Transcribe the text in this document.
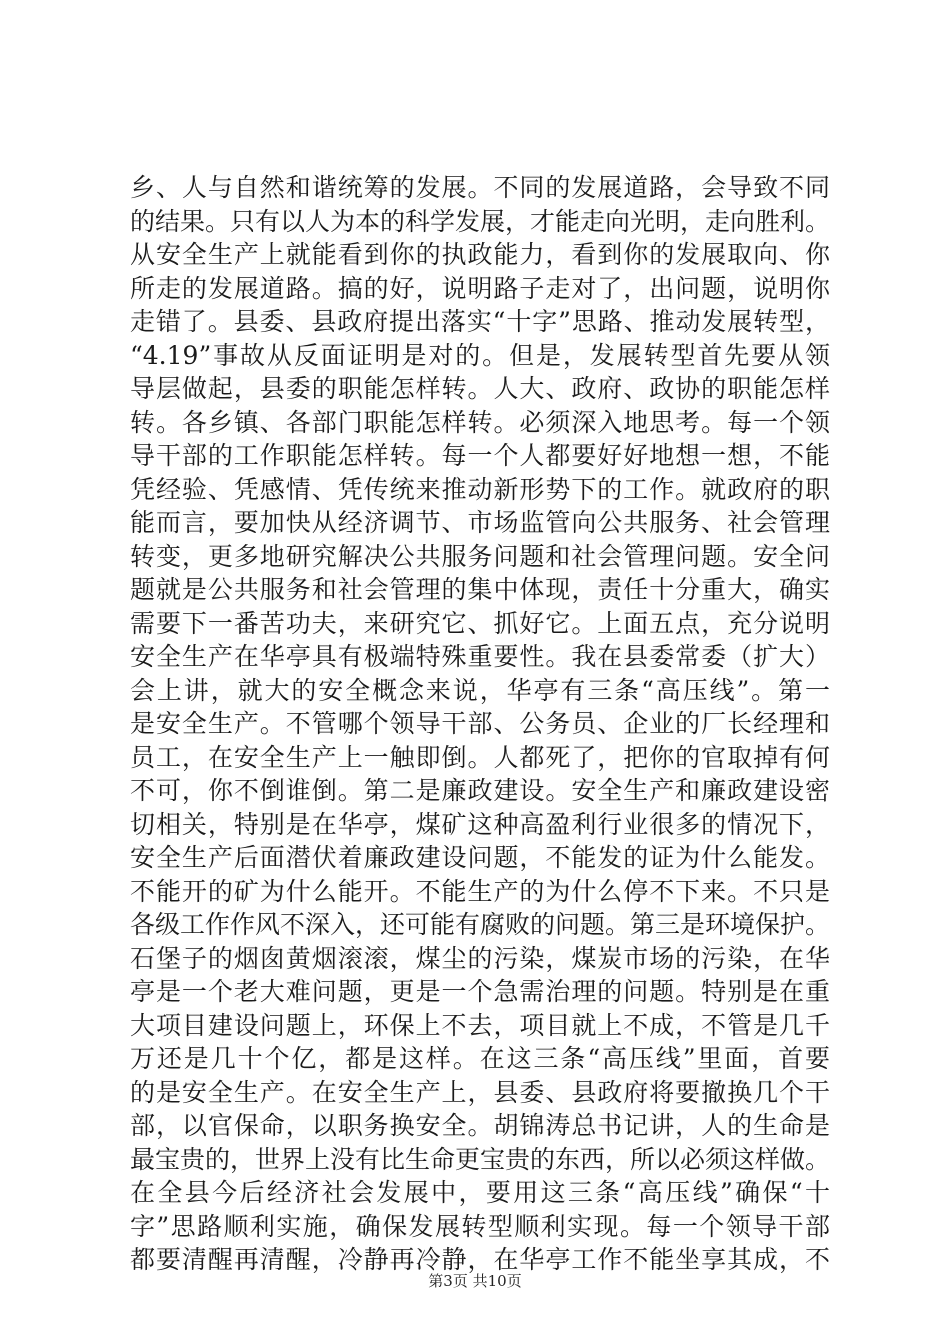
乡、人与自然和谐统筹的发展。不同的发展道路，会导致不同
的结果。只有以人为本的科学发展，才能走向光明，走向胜利。
从安全生产上就能看到你的执政能力，看到你的发展取向、你
所走的发展道路。搞的好，说明路子走对了，出问题，说明你
走错了。县委、县政府提出落实“十字”思路、推动发展转型，
“4.19”事故从反面证明是对的。但是，发展转型首先要从领
导层做起，县委的职能怎样转。人大、政府、政协的职能怎样
转。各乡镇、各部门职能怎样转。必须深入地思考。每一个领
导干部的工作职能怎样转。每一个人都要好好地想一想，不能
凭经验、凭感情、凭传统来推动新形势下的工作。就政府的职
能而言，要加快从经济调节、市场监管向公共服务、社会管理
转变，更多地研究解决公共服务问题和社会管理问题。安全问
题就是公共服务和社会管理的集中体现，责任十分重大，确实
需要下一番苦功夫，来研究它、抓好它。上面五点，充分说明
安全生产在华亭具有极端特殊重要性。我在县委常委（扩大）
会上讲，就大的安全概念来说，华亭有三条“高压线”。第一
是安全生产。不管哪个领导干部、公务员、企业的厂长经理和
员工，在安全生产上一触即倒。人都死了，把你的官取掉有何
不可，你不倒谁倒。第二是廉政建设。安全生产和廉政建设密
切相关，特别是在华亭，煤矿这种高盈利行业很多的情况下，
安全生产后面潜伏着廉政建设问题，不能发的证为什么能发。
不能开的矿为什么能开。不能生产的为什么停不下来。不只是
各级工作作风不深入，还可能有腐败的问题。第三是环境保护。
石堡子的烟囱黄烟滚滚，煤尘的污染，煤炭市场的污染，在华
亭是一个老大难问题，更是一个急需治理的问题。特别是在重
大项目建设问题上，环保上不去，项目就上不成，不管是几千
万还是几十个亿，都是这样。在这三条“高压线”里面，首要
的是安全生产。在安全生产上，县委、县政府将要撤换几个干
部，以官保命，以职务换安全。胡锦涛总书记讲，人的生命是
最宝贵的，世界上没有比生命更宝贵的东西，所以必须这样做。
在全县今后经济社会发展中，要用这三条“高压线”确保“十
字”思路顺利实施，确保发展转型顺利实现。每一个领导干部
都要清醒再清醒，冷静再冷静，在华亭工作不能坐享其成，不
第3页 共10页
